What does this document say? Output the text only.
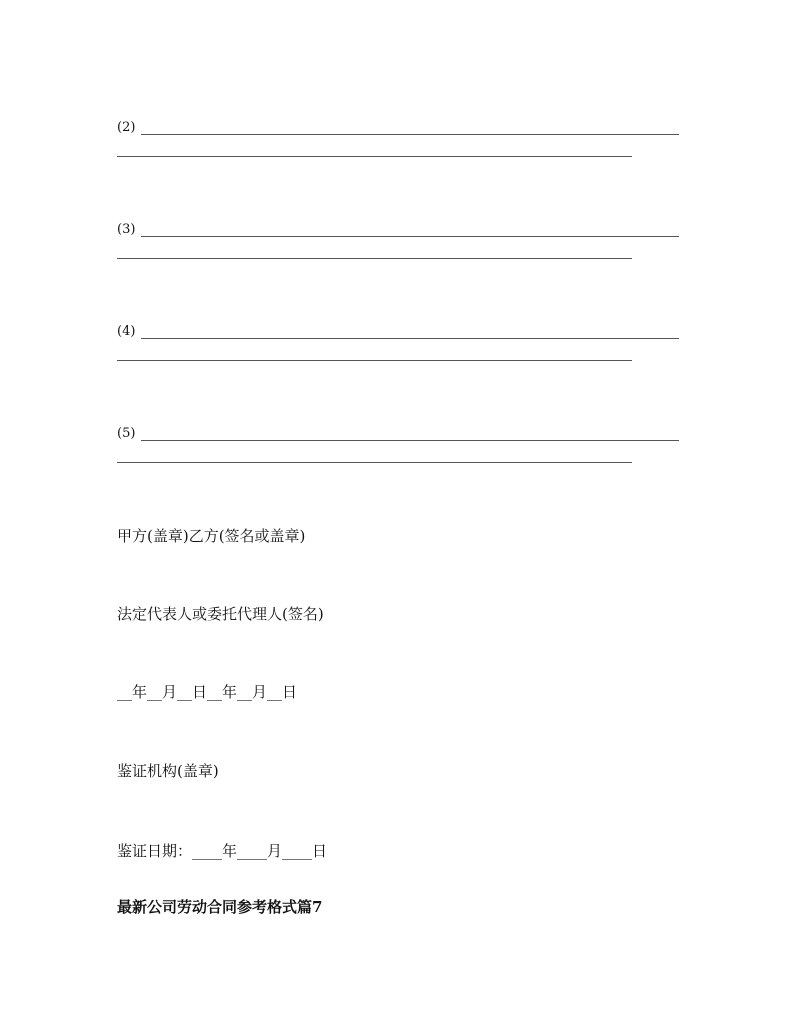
(2)
(3)
(4)
(5)
甲方(盖章)乙方(签名或盖章)
法定代表人或委托代理人(签名)
__年__月__日__年__月__日
鉴证机构(盖章)
鉴证日期：____年____月____日
最新公司劳动合同参考格式篇7
